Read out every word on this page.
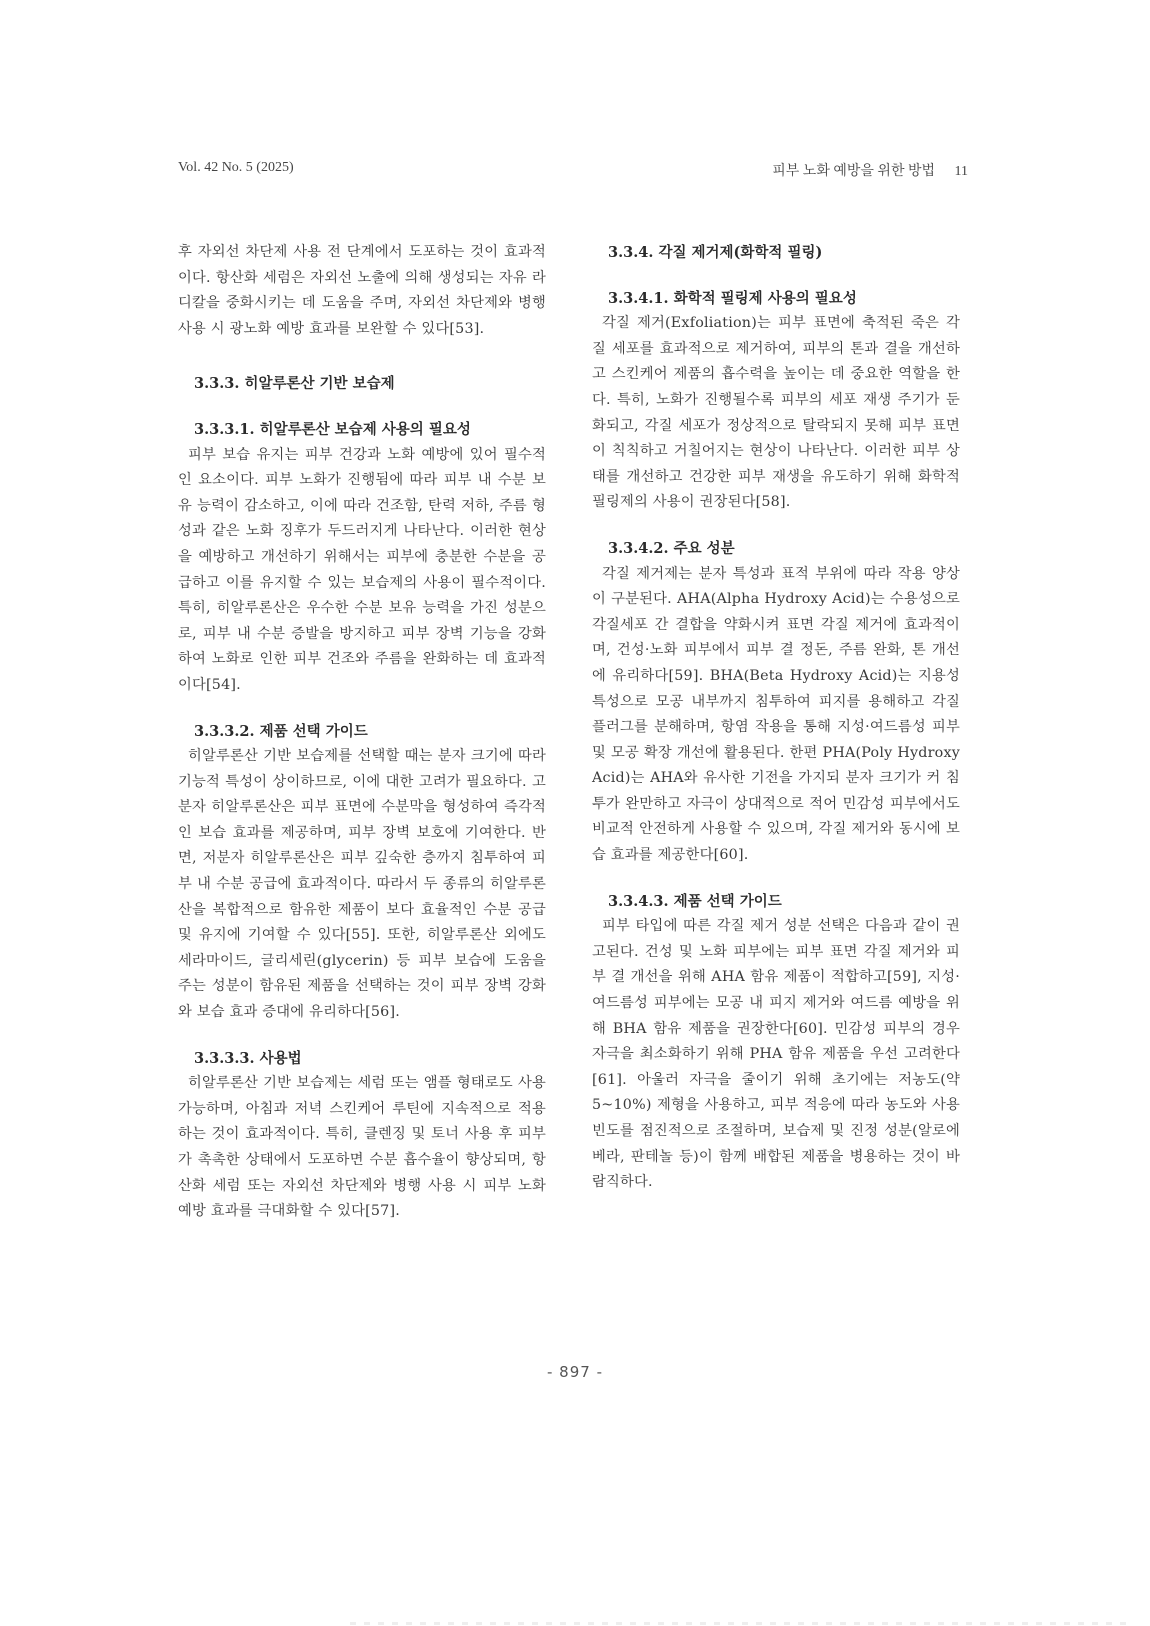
Vol. 42 No. 5 (2025)	피부 노화 예방을 위한 방법 11

후 자외선 차단제 사용 전 단계에서 도포하는 것이 효과적이다. 항산화 세럼은 자외선 노출에 의해 생성되는 자유 라디칼을 중화시키는 데 도움을 주며, 자외선 차단제와 병행 사용 시 광노화 예방 효과를 보완할 수 있다[53].

3.3.3. 히알루론산 기반 보습제
3.3.3.1. 히알루론산 보습제 사용의 필요성

피부 보습 유지는 피부 건강과 노화 예방에 있어 필수적인 요소이다. 피부 노화가 진행됨에 따라 피부 내 수분 보유 능력이 감소하고, 이에 따라 건조함, 탄력 저하, 주름 형성과 같은 노화 징후가 두드러지게 나타난다. 이러한 현상을 예방하고 개선하기 위해서는 피부에 충분한 수분을 공급하고 이를 유지할 수 있는 보습제의 사용이 필수적이다. 특히, 히알루론산은 우수한 수분 보유 능력을 가진 성분으로, 피부 내 수분 증발을 방지하고 피부 장벽 기능을 강화하여 노화로 인한 피부 건조와 주름을 완화하는 데 효과적이다[54].

3.3.3.2. 제품 선택 가이드

히알루론산 기반 보습제를 선택할 때는 분자 크기에 따라 기능적 특성이 상이하므로, 이에 대한 고려가 필요하다. 고분자 히알루론산은 피부 표면에 수분막을 형성하여 즉각적인 보습 효과를 제공하며, 피부 장벽 보호에 기여한다. 반면, 저분자 히알루론산은 피부 깊숙한 층까지 침투하여 피부 내 수분 공급에 효과적이다. 따라서 두 종류의 히알루론산을 복합적으로 함유한 제품이 보다 효율적인 수분 공급 및 유지에 기여할 수 있다[55]. 또한, 히알루론산 외에도 세라마이드, 글리세린(glycerin) 등 피부 보습에 도움을 주는 성분이 함유된 제품을 선택하는 것이 피부 장벽 강화와 보습 효과 증대에 유리하다[56].

3.3.3.3. 사용법

히알루론산 기반 보습제는 세럼 또는 앰플 형태로도 사용 가능하며, 아침과 저녁 스킨케어 루틴에 지속적으로 적용하는 것이 효과적이다. 특히, 클렌징 및 토너 사용 후 피부가 촉촉한 상태에서 도포하면 수분 흡수율이 향상되며, 항산화 세럼 또는 자외선 차단제와 병행 사용 시 피부 노화 예방 효과를 극대화할 수 있다[57].

3.3.4. 각질 제거제(화학적 필링)
3.3.4.1. 화학적 필링제 사용의 필요성

각질 제거(Exfoliation)는 피부 표면에 축적된 죽은 각질 세포를 효과적으로 제거하여, 피부의 톤과 결을 개선하고 스킨케어 제품의 흡수력을 높이는 데 중요한 역할을 한다. 특히, 노화가 진행될수록 피부의 세포 재생 주기가 둔화되고, 각질 세포가 정상적으로 탈락되지 못해 피부 표면이 칙칙하고 거칠어지는 현상이 나타난다. 이러한 피부 상태를 개선하고 건강한 피부 재생을 유도하기 위해 화학적 필링제의 사용이 권장된다[58].

3.3.4.2. 주요 성분

각질 제거제는 분자 특성과 표적 부위에 따라 작용 양상이 구분된다. AHA(Alpha Hydroxy Acid)는 수용성으로 각질세포 간 결합을 약화시켜 표면 각질 제거에 효과적이며, 건성·노화 피부에서 피부 결 정돈, 주름 완화, 톤 개선에 유리하다[59]. BHA(Beta Hydroxy Acid)는 지용성 특성으로 모공 내부까지 침투하여 피지를 용해하고 각질 플러그를 분해하며, 항염 작용을 통해 지성·여드름성 피부 및 모공 확장 개선에 활용된다. 한편 PHA(Poly Hydroxy Acid)는 AHA와 유사한 기전을 가지되 분자 크기가 커 침투가 완만하고 자극이 상대적으로 적어 민감성 피부에서도 비교적 안전하게 사용할 수 있으며, 각질 제거와 동시에 보습 효과를 제공한다[60].

3.3.4.3. 제품 선택 가이드

피부 타입에 따른 각질 제거 성분 선택은 다음과 같이 권고된다. 건성 및 노화 피부에는 피부 표면 각질 제거와 피부 결 개선을 위해 AHA 함유 제품이 적합하고[59], 지성·여드름성 피부에는 모공 내 피지 제거와 여드름 예방을 위해 BHA 함유 제품을 권장한다[60]. 민감성 피부의 경우 자극을 최소화하기 위해 PHA 함유 제품을 우선 고려한다[61]. 아울러 자극을 줄이기 위해 초기에는 저농도(약 5~10%) 제형을 사용하고, 피부 적응에 따라 농도와 사용 빈도를 점진적으로 조절하며, 보습제 및 진정 성분(알로에베라, 판테놀 등)이 함께 배합된 제품을 병용하는 것이 바람직하다.

- 897 -
